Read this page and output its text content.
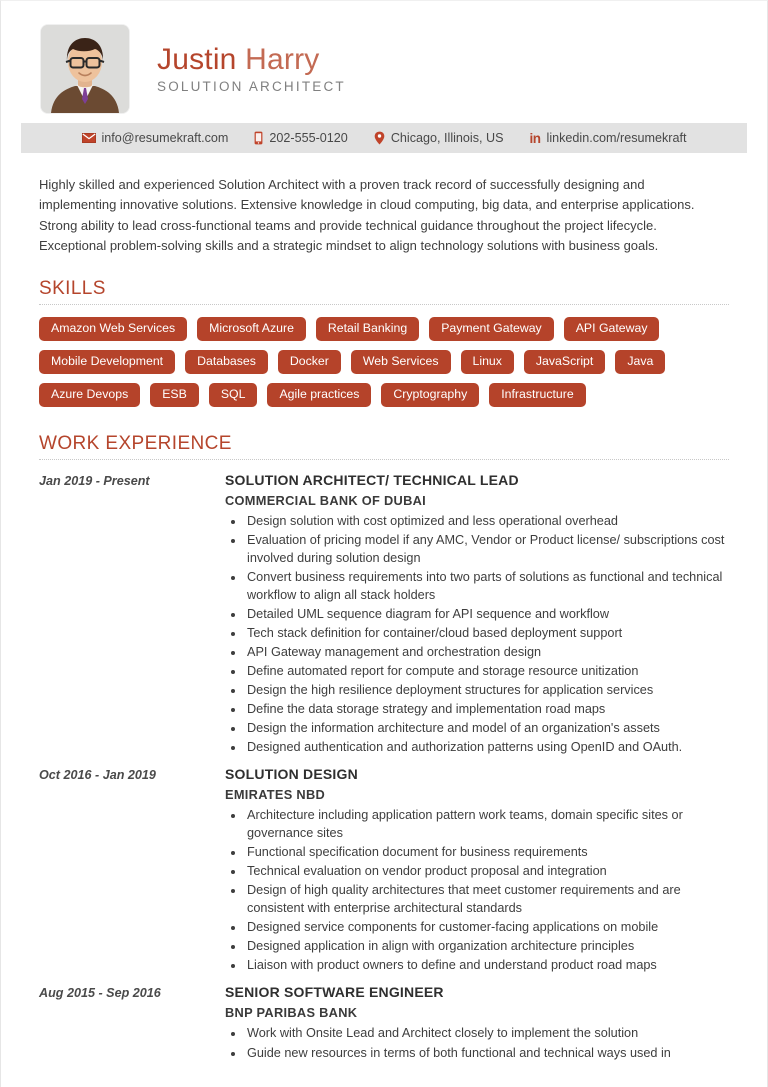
Justin Harry
SOLUTION ARCHITECT
info@resumekraft.com	202-555-0120	Chicago, Illinois, US in linkedin.com/resumekraft

Highly skilled and experienced Solution Architect with a proven track record of successfully designing and implementing innovative solutions. Extensive knowledge in cloud computing, big data, and enterprise applications. Strong ability to lead cross-functional teams and provide technical guidance throughout the project lifecycle. Exceptional problem-solving skills and a strategic mindset to align technology solutions with business goals.

SKILLS
Amazon Web Services	Microsoft Azure	Retail Banking	Payment Gateway	API Gateway
Mobile Development	Databases	Docker	Web Services	Linux	JavaScript	Java
Azure Devops	ESB	SQL	Agile practices	Cryptography	Infrastructure
WORK EXPERIENCE
Jan 2019 - Present	SOLUTION ARCHITECT/ TECHNICAL LEAD
COMMERCIAL BANK OF DUBAI
• Design solution with cost optimized and less operational overhead
• Evaluation of pricing model if any AMC, Vendor or Product license/ subscriptions cost involved during solution design
• Convert business requirements into two parts of solutions as functional and technical workflow to align all stack holders
• Detailed UML sequence diagram for API sequence and workflow
• Tech stack definition for container/cloud based deployment support
• API Gateway management and orchestration design
• Define automated report for compute and storage resource unitization
• Design the high resilience deployment structures for application services
• Define the data storage strategy and implementation road maps
• Design the information architecture and model of an organization's assets
• Designed authentication and authorization patterns using OpenID and OAuth.
Oct 2016 - Jan 2019	SOLUTION DESIGN
EMIRATES NBD
• Architecture including application pattern work teams, domain specific sites or governance sites
• Functional specification document for business requirements
• Technical evaluation on vendor product proposal and integration
• Design of high quality architectures that meet customer requirements and are consistent with enterprise architectural standards
• Designed service components for customer-facing applications on mobile
• Designed application in align with organization architecture principles
• Liaison with product owners to define and understand product road maps
Aug 2015 - Sep 2016	SENIOR SOFTWARE ENGINEER
BNP PARIBAS BANK
• Work with Onsite Lead and Architect closely to implement the solution
• Guide new resources in terms of both functional and technical ways used in
